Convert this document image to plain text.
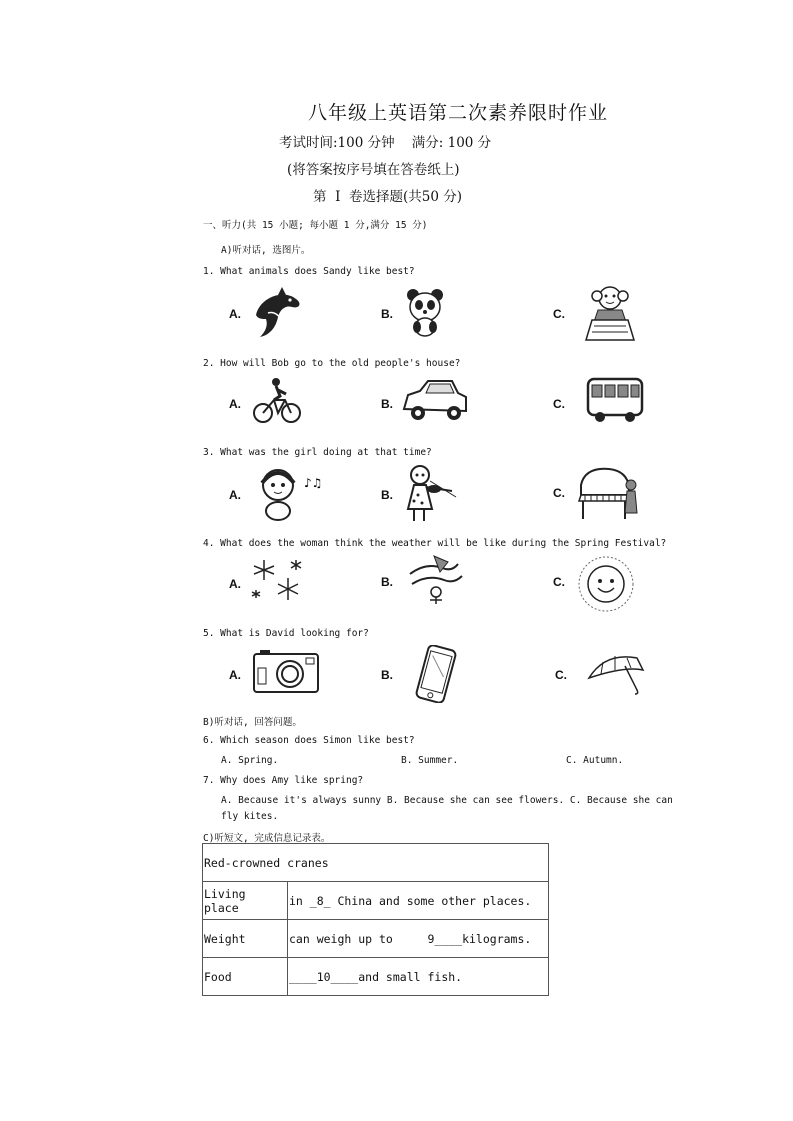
八年级上英语第二次素养限时作业
考试时间:100 分钟    满分: 100 分
(将答案按序号填在答卷纸上)
第  Ⅰ  卷选择题(共50 分)
一、听力(共 15 小题; 每小题 1 分,满分 15 分)
A)听对话, 选图片。
1. What animals does Sandy like best?
A.	B.	C.
2. How will Bob go to the old people's house?
A.	B.	C.
3. What was the girl doing at that time?
A.	B.	C.
♪♫
4. What does the woman think the weather will be like during the Spring Festival?
A.	B.	C.
5. What is David looking for?
A.	B.	C.
B)听对话, 回答问题。
6. Which season does Simon like best?
A. Spring.	B. Summer.	C. Autumn.
7. Why does Amy like spring?
A. Because it's always sunny B. Because she can see flowers. C. Because she can
fly kites.
C)听短文, 完成信息记录表。
Red-crowned cranes	
Living place	in _8_ China and some other places.
Weight	can weigh up to     9____kilograms.
Food	____10____and small fish.
